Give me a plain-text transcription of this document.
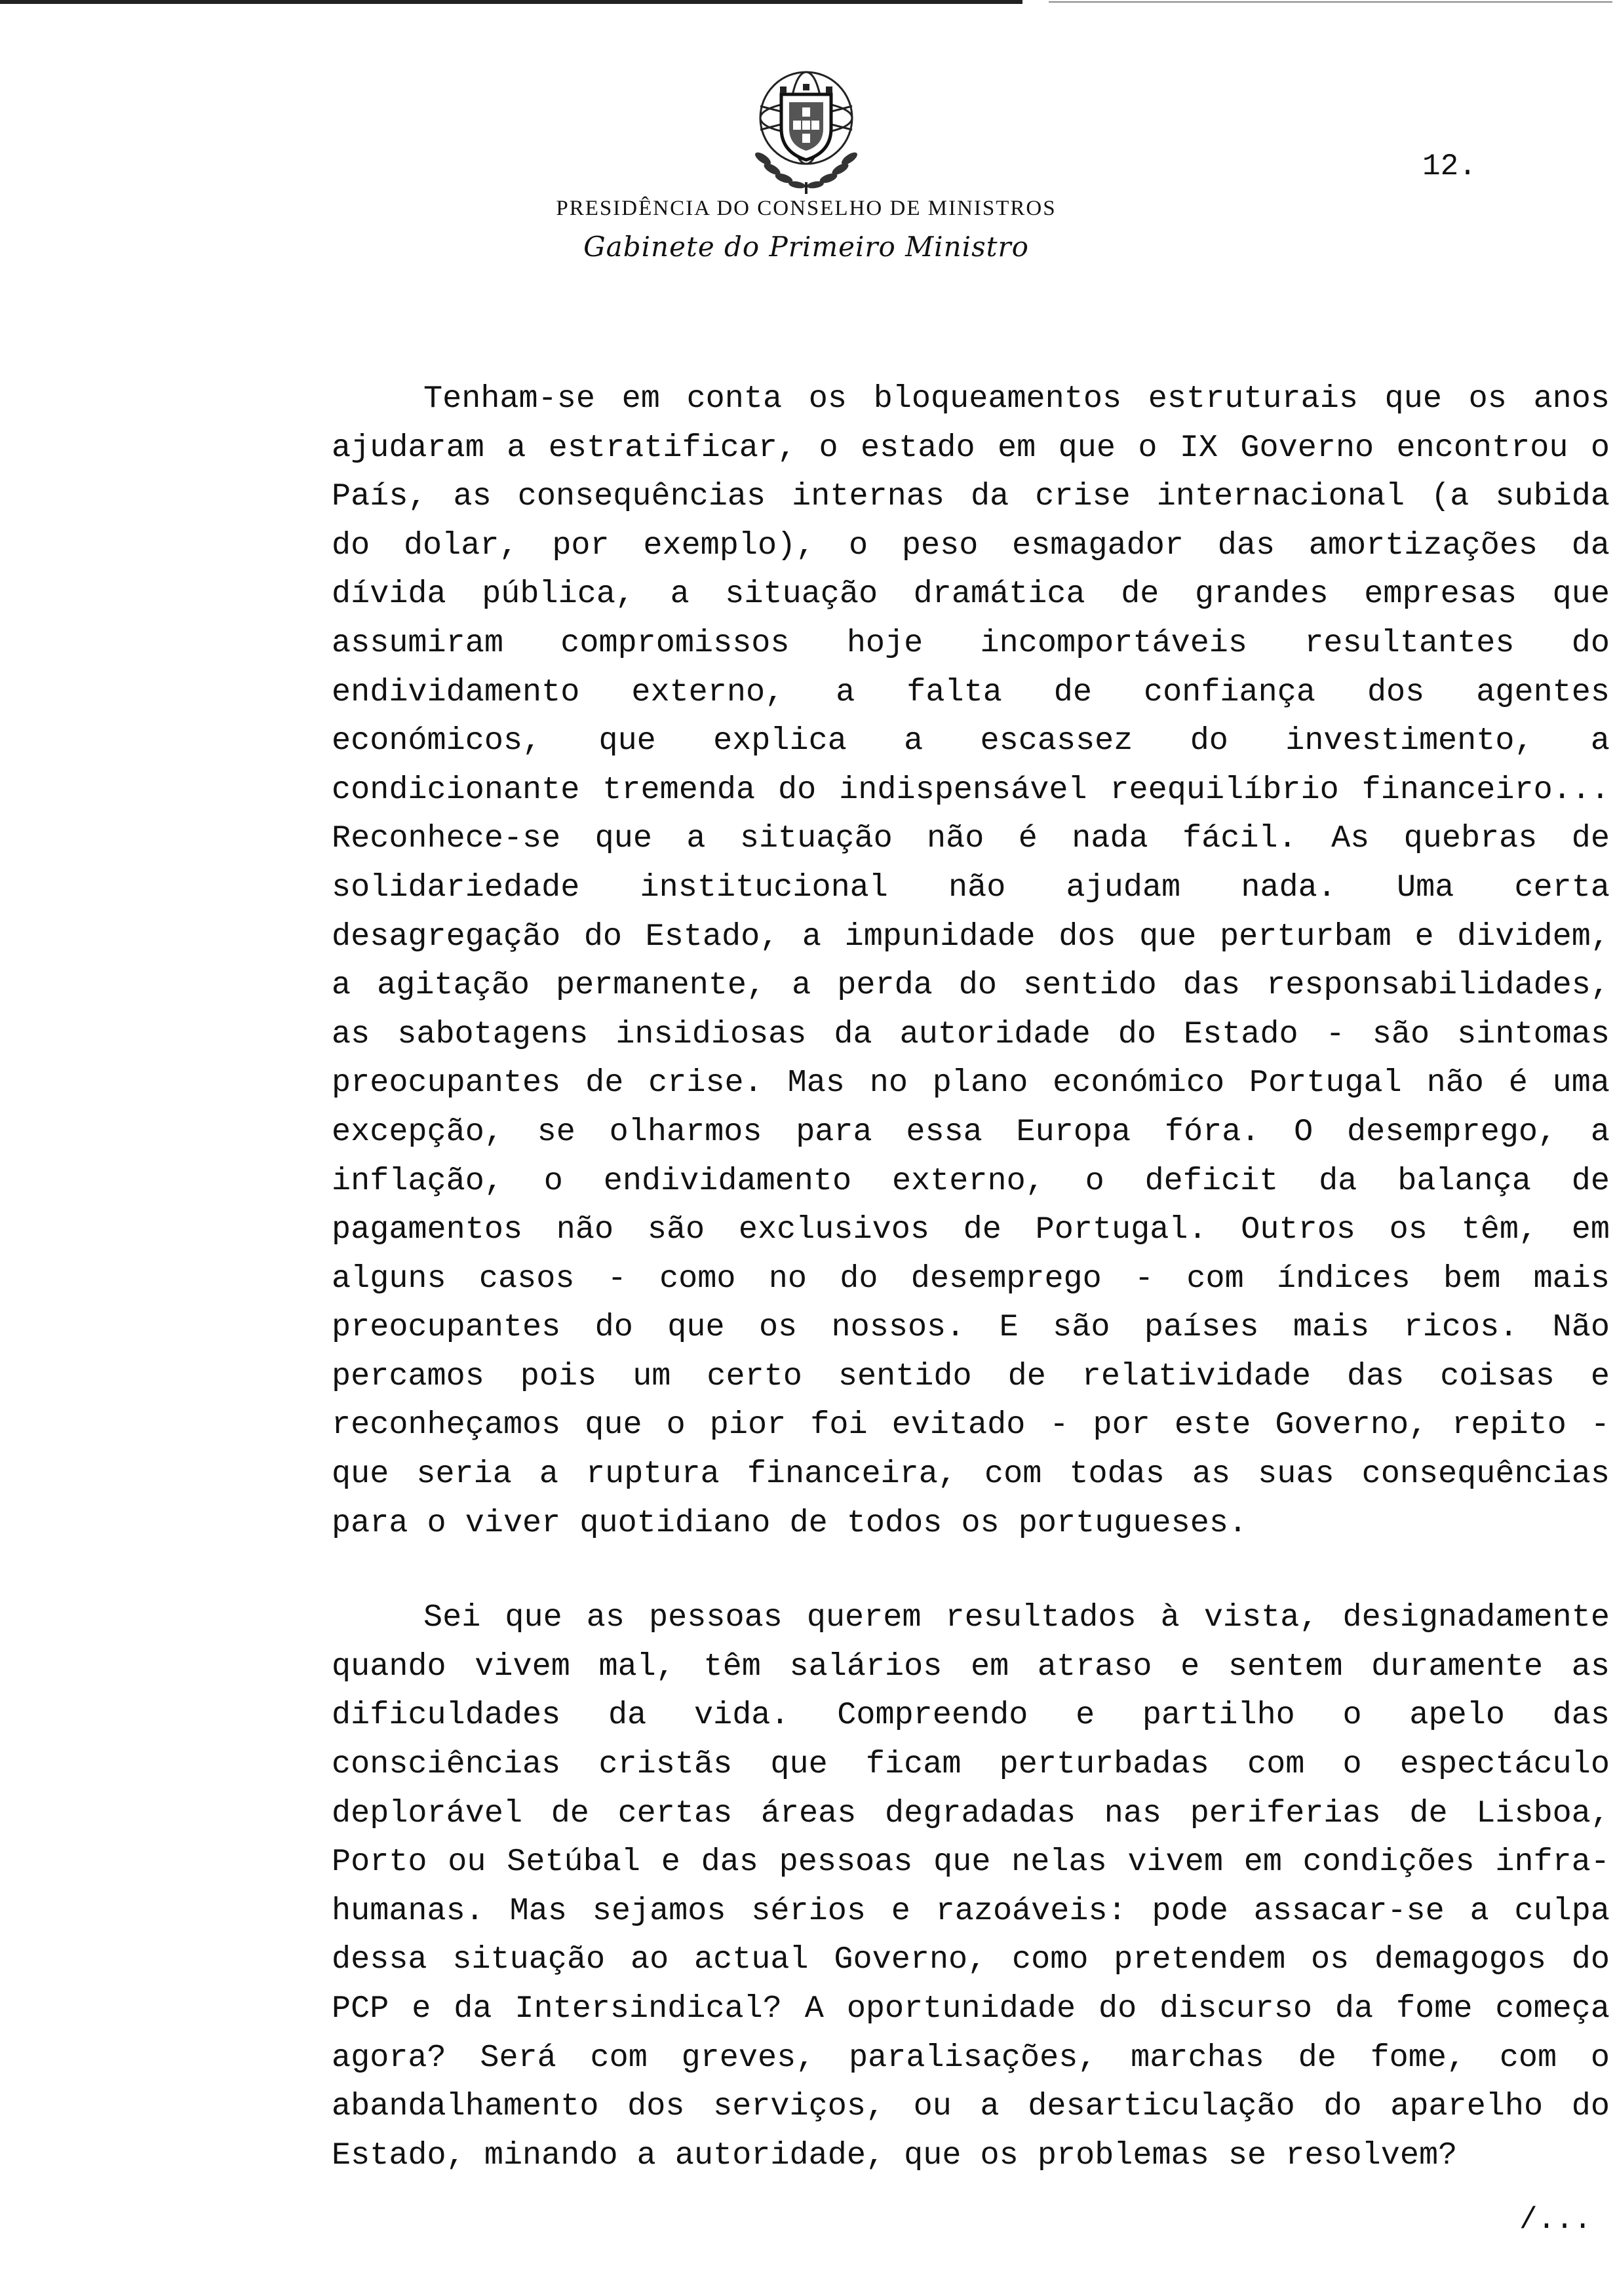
12.
PRESIDÊNCIA DO CONSELHO DE MINISTROS
Gabinete do Primeiro Ministro

Tenham-se em conta os bloqueamentos estruturais que os anos ajudaram a estratificar, o estado em que o IX Governo encontrou o País, as consequências internas da crise internacional (a subida do dolar, por exemplo), o peso esmagador das amortizações da dívida pública, a situação dramática de grandes empresas que assumiram compromissos hoje incomportáveis resultantes do endividamento externo, a falta de confiança dos agentes económicos, que explica a escassez do investimento, a condicionante tremenda do indispensável reequilíbrio financeiro... Reconhece-se que a situação não é nada fácil. As quebras de solidariedade institucional não ajudam nada. Uma certa desagregação do Estado, a impunidade dos que perturbam e dividem, a agitação permanente, a perda do sentido das responsabilidades, as sabotagens insidiosas da autoridade do Estado - são sintomas preocupantes de crise. Mas no plano económico Portugal não é uma excepção, se olharmos para essa Europa fóra. O desemprego, a inflação, o endividamento externo, o deficit da balança de pagamentos não são exclusivos de Portugal. Outros os têm, em alguns casos - como no do desemprego - com índices bem mais preocupantes do que os nossos. E são países mais ricos. Não percamos pois um certo sentido de relatividade das coisas e reconheçamos que o pior foi evitado - por este Governo, repito - que seria a ruptura financeira, com todas as suas consequências para o viver quotidiano de todos os portugueses.

Sei que as pessoas querem resultados à vista, designadamente quando vivem mal, têm salários em atraso e sentem duramente as dificuldades da vida. Compreendo e partilho o apelo das consciências cristãs que ficam perturbadas com o espectáculo deplorável de certas áreas degradadas nas periferias de Lisboa, Porto ou Setúbal e das pessoas que nelas vivem em condições infra-humanas. Mas sejamos sérios e razoáveis: pode assacar-se a culpa dessa situação ao actual Governo, como pretendem os demagogos do PCP e da Intersindical? A oportunidade do discurso da fome começa agora? Será com greves, paralisações, marchas de fome, com o abandalhamento dos serviços, ou a desarticulação do aparelho do Estado, minando a autoridade, que os problemas se resolvem?

/...
